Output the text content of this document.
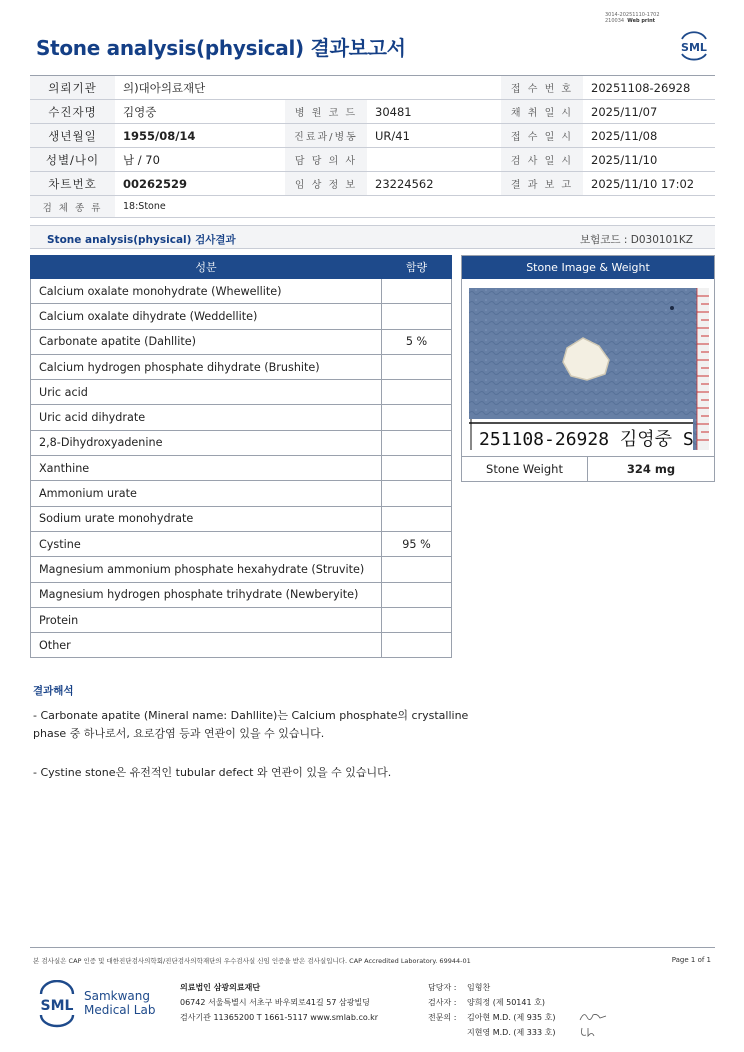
3014-20251110-1702
210034 Web print
Stone analysis(physical) 결과보고서	SML
의뢰기관	의)대아의료재단			접 수 번 호	20251108-26928
수진자명	김영중	병 원 코 드	30481	채 취 일 시	2025/11/07
생년월일	1955/08/14	진료과/병동	UR/41	접 수 일 시	2025/11/08
성별/나이	남 / 70	담 당 의 사		검 사 일 시	2025/11/10
차트번호	00262529	임 상 정 보	23224562	결 과 보 고	2025/11/10 17:02
검 체 종 류	18:Stone				
Stone analysis(physical) 검사결과	보험코드 : D030101KZ
성분	함량
Calcium oxalate monohydrate (Whewellite)	
Calcium oxalate dihydrate (Weddellite)	
Carbonate apatite (Dahllite)	5 %
Calcium hydrogen phosphate dihydrate (Brushite)	
Uric acid	
Uric acid dihydrate	
2,8-Dihydroxyadenine	
Xanthine	
Ammonium urate	
Sodium urate monohydrate	
Cystine	95 %
Magnesium ammonium phosphate hexahydrate (Struvite)	
Magnesium hydrogen phosphate trihydrate (Newberyite)	
Protein	
Other	
Stone Image & Weight
251108-26928 김영중 S
Stone Weight	324 mg
결과해석
- Carbonate apatite (Mineral name: Dahllite)는 Calcium phosphate의 crystalline
phase 중 하나로서, 요로감염 등과 연관이 있을 수 있습니다.
- Cystine stone은 유전적인 tubular defect 와 연관이 있을 수 있습니다.
본 검사실은 CAP 인증 및 대한진단검사의학회/진단검사의학재단의 우수검사실 신임 인증을 받은 검사실입니다. CAP Accredited Laboratory. 69944-01	Page 1 of 1
SML
Samkwang
Medical Lab
의료법인 삼광의료재단
06742 서울특별시 서초구 바우뫼로41길 57 삼광빌딩
검사기관 11365200 T 1661-5117 www.smlab.co.kr
담당자 : 임형찬
검사자 : 양희정 (제 50141 호)
전문의 : 김아현 M.D. (제 935 호)
지현영 M.D. (제 333 호)
